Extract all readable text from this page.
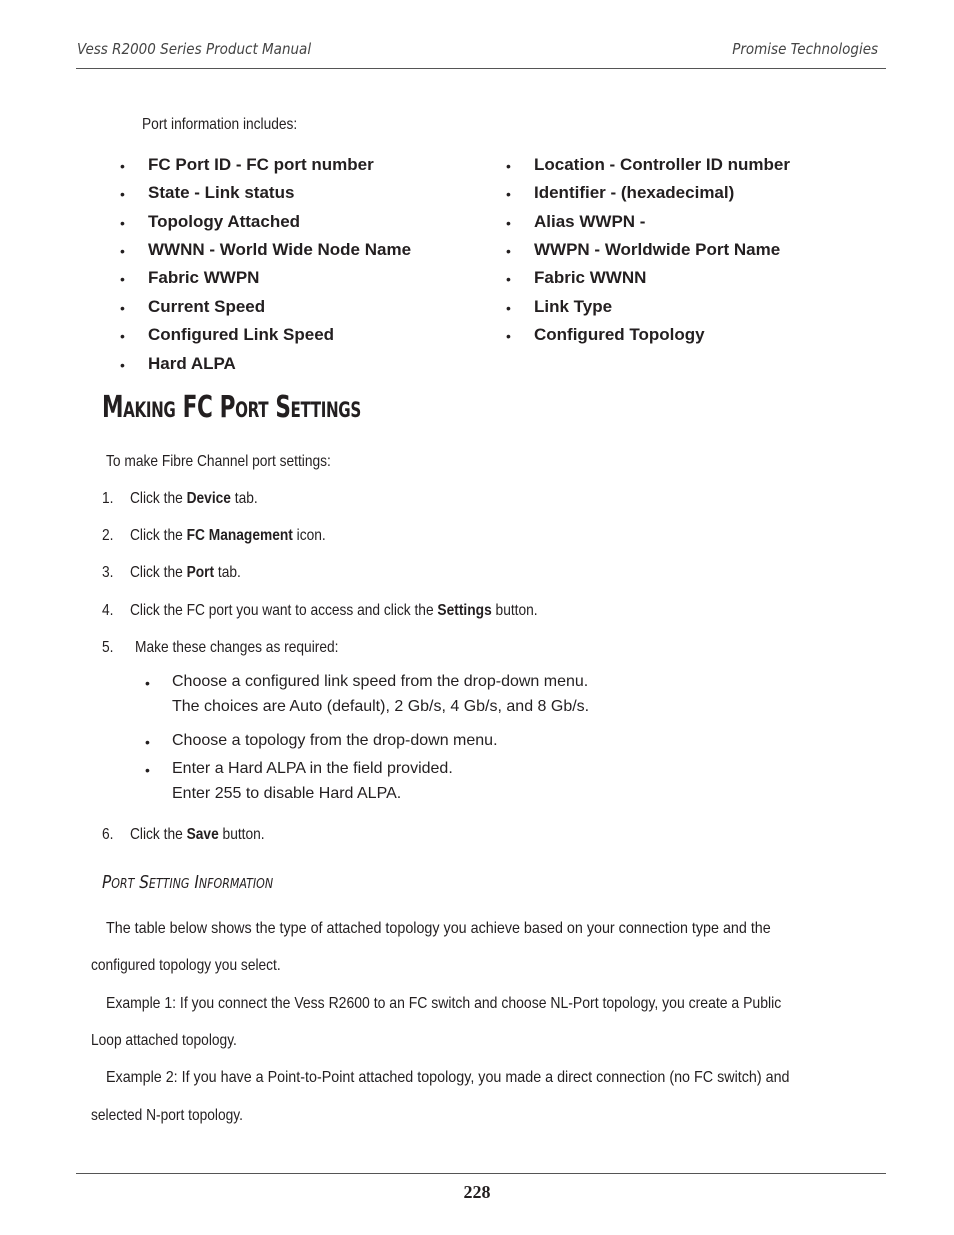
Vess R2000 Series Product Manual	Promise Technologies
Port information includes:
• FC Port ID - FC port number
• State - Link status
• Topology Attached
• WWNN - World Wide Node Name
• Fabric WWPN
• Current Speed
• Configured Link Speed
• Hard ALPA
• Location - Controller ID number
• Identifier - (hexadecimal)
• Alias WWPN -
• WWPN - Worldwide Port Name
• Fabric WWNN
• Link Type
• Configured Topology
Making FC Port Settings
To make Fibre Channel port settings:
1. Click the Device tab.
2. Click the FC Management icon.
3. Click the Port tab.
4. Click the FC port you want to access and click the Settings button.
5. Make these changes as required:
• Choose a configured link speed from the drop-down menu.
The choices are Auto (default), 2 Gb/s, 4 Gb/s, and 8 Gb/s.
• Choose a topology from the drop-down menu.
• Enter a Hard ALPA in the field provided.
Enter 255 to disable Hard ALPA.
6. Click the Save button.
Port Setting Information
The table below shows the type of attached topology you achieve based on your connection type and the
configured topology you select.
Example 1: If you connect the Vess R2600 to an FC switch and choose NL-Port topology, you create a Public
Loop attached topology.
Example 2: If you have a Point-to-Point attached topology, you made a direct connection (no FC switch) and
selected N-port topology.
228
